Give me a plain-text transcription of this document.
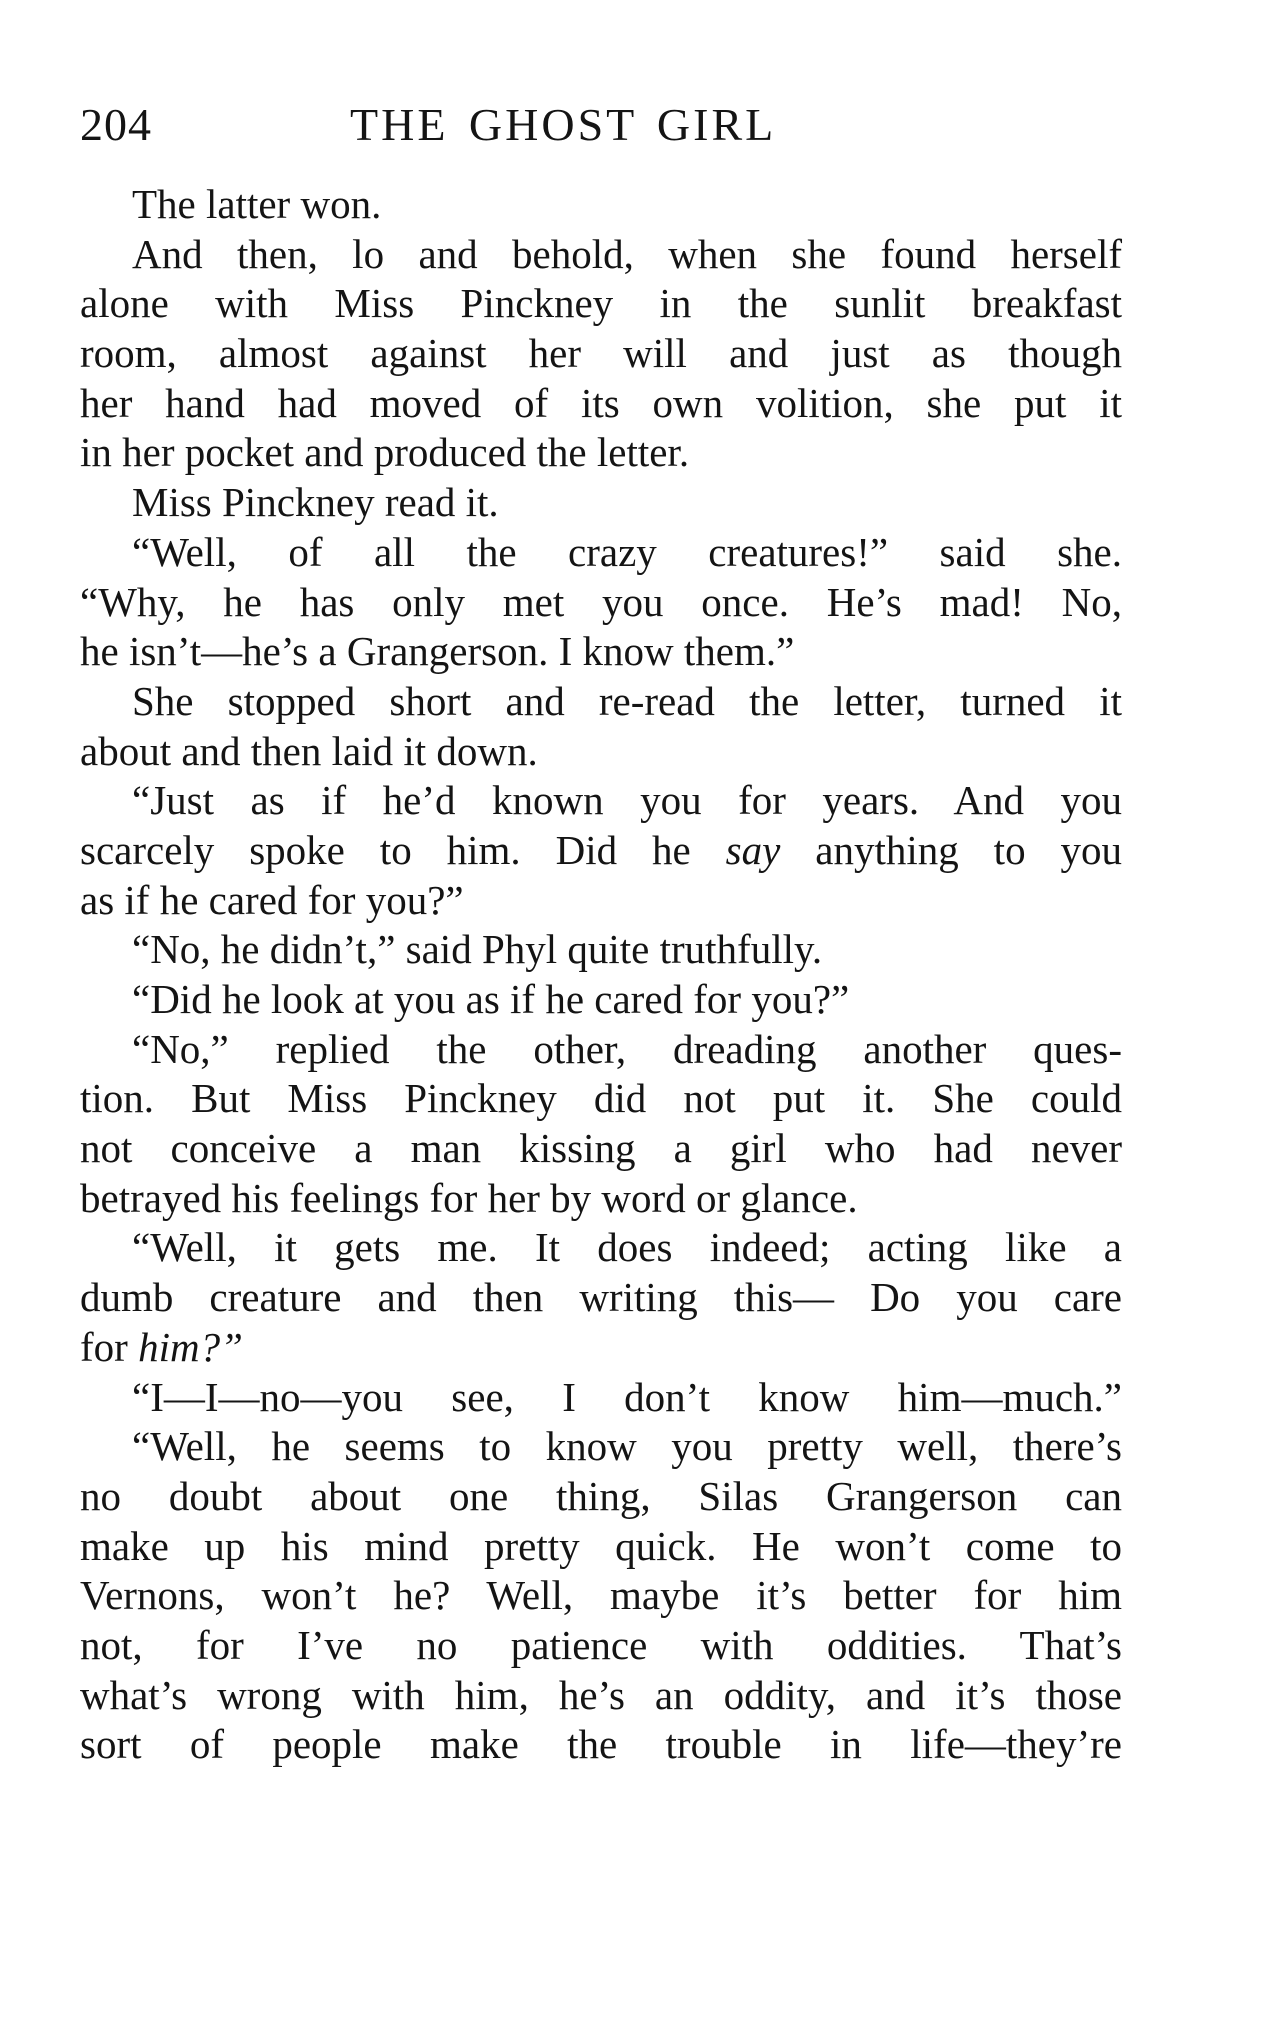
204	THE GHOST GIRL
The latter won.
And then, lo and behold, when she found herself
alone with Miss Pinckney in the sunlit breakfast
room, almost against her will and just as though
her hand had moved of its own volition, she put it
in her pocket and produced the letter.
Miss Pinckney read it.
“Well, of all the crazy creatures!” said she.
“Why, he has only met you once. He’s mad! No,
he isn’t—he’s a Grangerson. I know them.”
She stopped short and re-read the letter, turned it
about and then laid it down.
“Just as if he’d known you for years. And you
scarcely spoke to him. Did he say anything to you
as if he cared for you?”
“No, he didn’t,” said Phyl quite truthfully.
“Did he look at you as if he cared for you?”
“No,” replied the other, dreading another ques-
tion. But Miss Pinckney did not put it. She could
not conceive a man kissing a girl who had never
betrayed his feelings for her by word or glance.
“Well, it gets me. It does indeed; acting like a
dumb creature and then writing this— Do you care
for him?”
“I—I—no—you see, I don’t know him—much.”
“Well, he seems to know you pretty well, there’s
no doubt about one thing, Silas Grangerson can
make up his mind pretty quick. He won’t come to
Vernons, won’t he? Well, maybe it’s better for him
not, for I’ve no patience with oddities. That’s
what’s wrong with him, he’s an oddity, and it’s those
sort of people make the trouble in life—they’re
